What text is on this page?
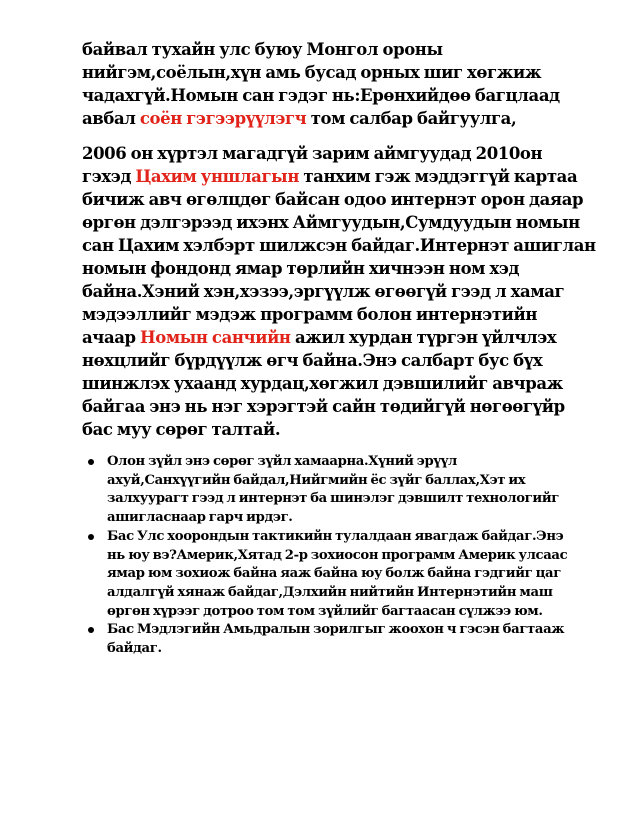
байвал тухайн улс буюу Монгол ороны
нийгэм,соёлын,хүн амь бусад орных шиг хөгжиж
чадахгүй.Номын сан гэдэг нь:Ерөнхийдөө багцлаад
авбал соён гэгээрүүлэгч том салбар байгуулга,

2006 он хүртэл магадгүй зарим аймгуудад 2010он
гэхэд Цахим уншлагын танхим гэж мэддэггүй картаа
бичиж авч өгөлцдөг байсан одоо интернэт орон даяар
өргөн дэлгэрээд ихэнх Аймгуудын,Сумдуудын номын
сан Цахим хэлбэрт шилжсэн байдаг.Интернэт ашиглан
номын фондонд ямар төрлийн хичнээн ном хэд
байна.Хэний хэн,хэзээ,эргүүлж өгөөгүй гээд л хамаг
мэдээллийг мэдэж программ болон интернэтийн
ачаар Номын санчийн ажил хурдан түргэн үйлчлэх
нөхцлийг бүрдүүлж өгч байна.Энэ салбарт бус бүх
шинжлэх ухаанд хурдац,хөгжил дэвшилийг авчраж
байгаа энэ нь нэг хэрэгтэй сайн төдийгүй нөгөөгүйр
бас муу сөрөг талтай.

Олон зүйл энэ сөрөг зүйл хамаарна.Хүний эрүүл
ахуй,Санхүүгийн байдал,Нийгмийн ёс зүйг баллах,Хэт их
залхуурагт гээд л интернэт ба шинэлэг дэвшилт технологийг
ашигласнаар гарч ирдэг.
Бас Улс хоорондын тактикийн тулалдаан явагдаж байдаг.Энэ
нь юу вэ?Америк,Хятад 2-р зохиосон программ Америк улсаас
ямар юм зохиож байна яаж байна юу болж байна гэдгийг цаг
алдалгүй хянаж байдаг,Дэлхийн нийтийн Интернэтийн маш
өргөн хүрээг дотроо том том зүйлийг багтаасан сүлжээ юм.
Бас Мэдлэгийн Амьдралын зорилгыг жоохон ч гэсэн багтааж
байдаг.
